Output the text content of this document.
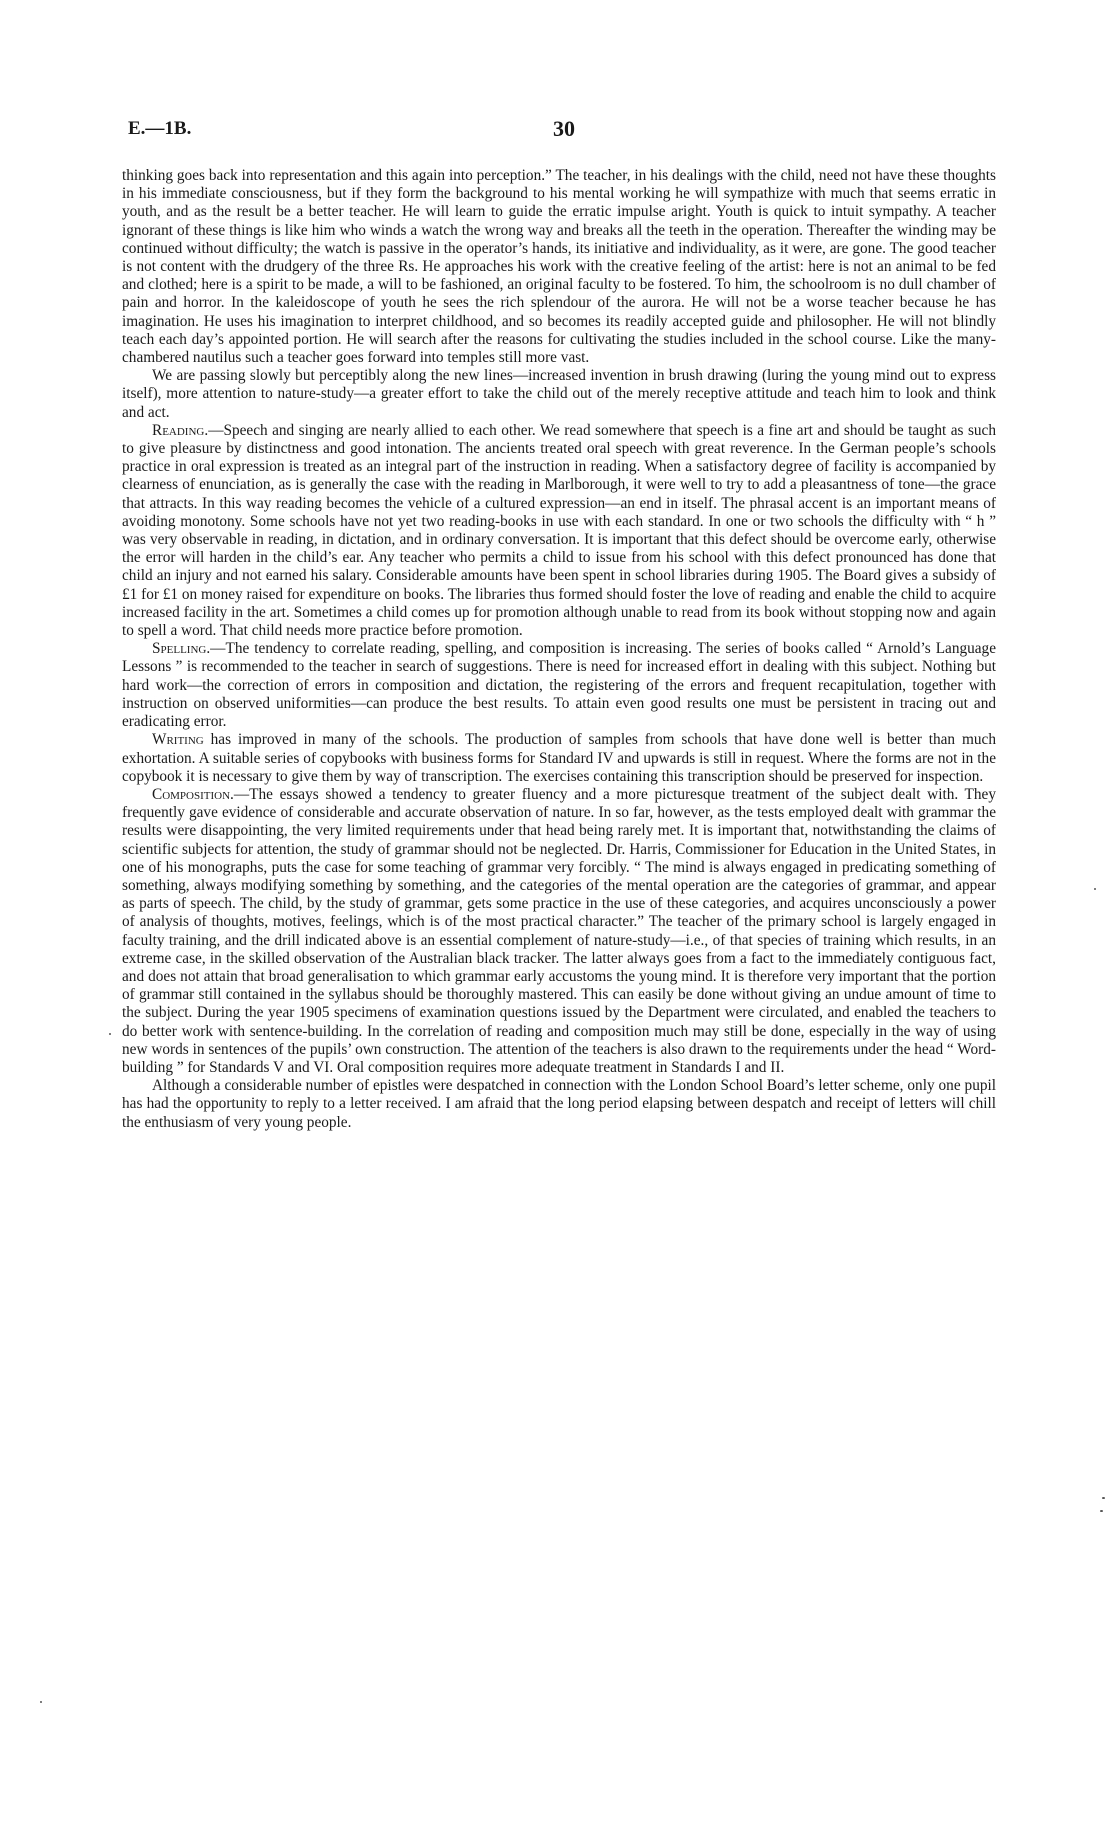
E.—1B.	30

thinking goes back into representation and this again into perception.” The teacher, in his dealings with the child, need not have these thoughts in his immediate consciousness, but if they form the background to his mental working he will sympathize with much that seems erratic in youth, and as the result be a better teacher. He will learn to guide the erratic impulse aright. Youth is quick to intuit sympathy. A teacher ignorant of these things is like him who winds a watch the wrong way and breaks all the teeth in the operation. Thereafter the winding may be continued without difficulty; the watch is passive in the operator’s hands, its initiative and individuality, as it were, are gone. The good teacher is not content with the drudgery of the three Rs. He approaches his work with the creative feeling of the artist: here is not an animal to be fed and clothed; here is a spirit to be made, a will to be fashioned, an original faculty to be fostered. To him, the schoolroom is no dull chamber of pain and horror. In the kaleidoscope of youth he sees the rich splendour of the aurora. He will not be a worse teacher because he has imagination. He uses his imagination to interpret childhood, and so becomes its readily accepted guide and philosopher. He will not blindly teach each day’s appointed portion. He will search after the reasons for cultivating the studies included in the school course. Like the many-chambered nautilus such a teacher goes forward into temples still more vast.

We are passing slowly but perceptibly along the new lines—increased invention in brush drawing (luring the young mind out to express itself), more attention to nature-study—a greater effort to take the child out of the merely receptive attitude and teach him to look and think and act.

Reading.—Speech and singing are nearly allied to each other. We read somewhere that speech is a fine art and should be taught as such to give pleasure by distinctness and good intonation. The ancients treated oral speech with great reverence. In the German people’s schools practice in oral expression is treated as an integral part of the instruction in reading. When a satisfactory degree of facility is accompanied by clearness of enunciation, as is generally the case with the reading in Marlborough, it were well to try to add a pleasantness of tone—the grace that attracts. In this way reading becomes the vehicle of a cultured expression—an end in itself. The phrasal accent is an important means of avoiding monotony. Some schools have not yet two reading-books in use with each standard. In one or two schools the difficulty with “ h ” was very observable in reading, in dictation, and in ordinary conversation. It is important that this defect should be overcome early, otherwise the error will harden in the child’s ear. Any teacher who permits a child to issue from his school with this defect pronounced has done that child an injury and not earned his salary. Considerable amounts have been spent in school libraries during 1905. The Board gives a subsidy of £1 for £1 on money raised for expenditure on books. The libraries thus formed should foster the love of reading and enable the child to acquire increased facility in the art. Sometimes a child comes up for promotion although unable to read from its book without stopping now and again to spell a word. That child needs more practice before promotion.

Spelling.—The tendency to correlate reading, spelling, and composition is increasing. The series of books called “ Arnold’s Language Lessons ” is recommended to the teacher in search of suggestions. There is need for increased effort in dealing with this subject. Nothing but hard work—the correction of errors in composition and dictation, the registering of the errors and frequent recapitulation, together with instruction on observed uniformities—can produce the best results. To attain even good results one must be persistent in tracing out and eradicating error.

Writing has improved in many of the schools. The production of samples from schools that have done well is better than much exhortation. A suitable series of copybooks with business forms for Standard IV and upwards is still in request. Where the forms are not in the copybook it is necessary to give them by way of transcription. The exercises containing this transcription should be preserved for inspection.

Composition.—The essays showed a tendency to greater fluency and a more picturesque treatment of the subject dealt with. They frequently gave evidence of considerable and accurate observation of nature. In so far, however, as the tests employed dealt with grammar the results were disappointing, the very limited requirements under that head being rarely met. It is important that, notwithstanding the claims of scientific subjects for attention, the study of grammar should not be neglected. Dr. Harris, Commissioner for Education in the United States, in one of his monographs, puts the case for some teaching of grammar very forcibly. “ The mind is always engaged in predicating something of something, always modifying something by something, and the categories of the mental operation are the categories of grammar, and appear as parts of speech. The child, by the study of grammar, gets some practice in the use of these categories, and acquires unconsciously a power of analysis of thoughts, motives, feelings, which is of the most practical character.” The teacher of the primary school is largely engaged in faculty training, and the drill indicated above is an essential complement of nature-study—i.e., of that species of training which results, in an extreme case, in the skilled observation of the Australian black tracker. The latter always goes from a fact to the immediately contiguous fact, and does not attain that broad generalisation to which grammar early accustoms the young mind. It is therefore very important that the portion of grammar still contained in the syllabus should be thoroughly mastered. This can easily be done without giving an undue amount of time to the subject. During the year 1905 specimens of examination questions issued by the Department were circulated, and enabled the teachers to do better work with sentence-building. In the correlation of reading and composition much may still be done, especially in the way of using new words in sentences of the pupils’ own construction. The attention of the teachers is also drawn to the requirements under the head “ Word-building ” for Standards V and VI. Oral composition requires more adequate treatment in Standards I and II.

Although a considerable number of epistles were despatched in connection with the London School Board’s letter scheme, only one pupil has had the opportunity to reply to a letter received. I am afraid that the long period elapsing between despatch and receipt of letters will chill the enthusiasm of very young people.
